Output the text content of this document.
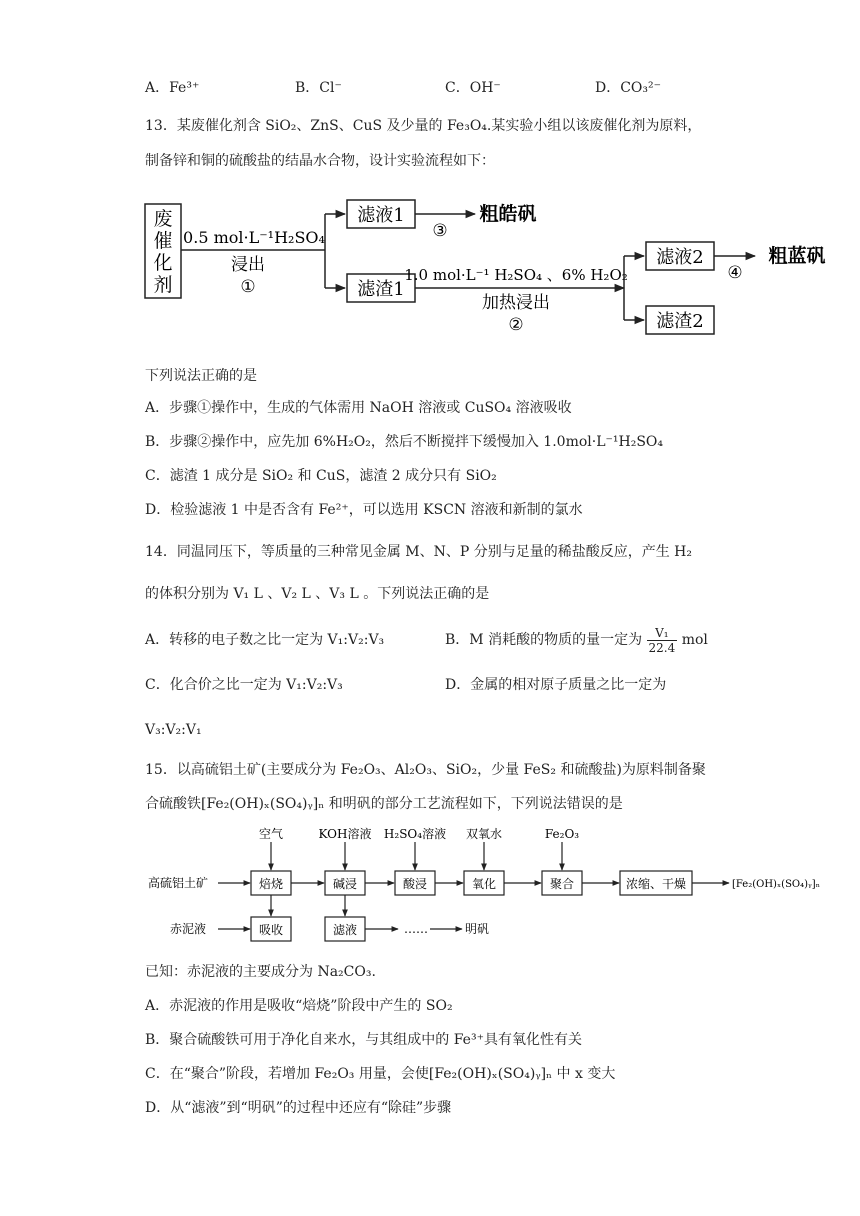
A．Fe³⁺	B．Cl⁻	C．OH⁻	D．CO₃²⁻
13．某废催化剂含 SiO₂、ZnS、CuS 及少量的 Fe₃O₄.某实验小组以该废催化剂为原料，
制备锌和铜的硫酸盐的结晶水合物，设计实验流程如下：
废
催
化
剂
0.5 mol·L⁻¹H₂SO₄
浸出
①
滤液1
③
粗皓矾
滤渣1
1.0 mol·L⁻¹ H₂SO₄ 、6% H₂O₂
加热浸出
②
滤液2
④
粗蓝矾
滤渣2
下列说法正确的是
A．步骤①操作中，生成的气体需用 NaOH 溶液或 CuSO₄ 溶液吸收
B．步骤②操作中，应先加 6%H₂O₂，然后不断搅拌下缓慢加入 1.0mol·L⁻¹H₂SO₄
C．滤渣 1 成分是 SiO₂ 和 CuS，滤渣 2 成分只有 SiO₂
D．检验滤液 1 中是否含有 Fe²⁺，可以选用 KSCN 溶液和新制的氯水
14．同温同压下，等质量的三种常见金属 M、N、P 分别与足量的稀盐酸反应，产生 H₂
的体积分别为 V₁ L 、V₂ L 、V₃ L 。下列说法正确的是
A．转移的电子数之比一定为 V₁:V₂:V₃	B．M 消耗酸的物质的量一定为 $\frac{\text{V₁}}{22.4}$ mol
C．化合价之比一定为 V₁:V₂:V₃	D．金属的相对原子质量之比一定为
V₃:V₂:V₁
15．以高硫铝土矿(主要成分为 Fe₂O₃、Al₂O₃、SiO₂，少量 FeS₂ 和硫酸盐)为原料制备聚
合硫酸铁[Fe₂(OH)ₓ(SO₄)ᵧ]ₙ 和明矾的部分工艺流程如下，下列说法错误的是
空气	KOH溶液 H₂SO₄溶液 双氧水	Fe₂O₃
高硫铝土矿	焙烧	碱浸	酸浸	氧化	聚合	浓缩、干燥	[Fe₂(OH)ₓ(SO₄)ᵧ]ₙ
赤泥液	吸收	滤液	……	明矾
已知：赤泥液的主要成分为 Na₂CO₃.
A．赤泥液的作用是吸收“焙烧”阶段中产生的 SO₂
B．聚合硫酸铁可用于净化自来水，与其组成中的 Fe³⁺具有氧化性有关
C．在“聚合”阶段，若增加 Fe₂O₃ 用量，会使[Fe₂(OH)ₓ(SO₄)ᵧ]ₙ 中 x 变大
D．从“滤液”到“明矾”的过程中还应有“除硅”步骤
